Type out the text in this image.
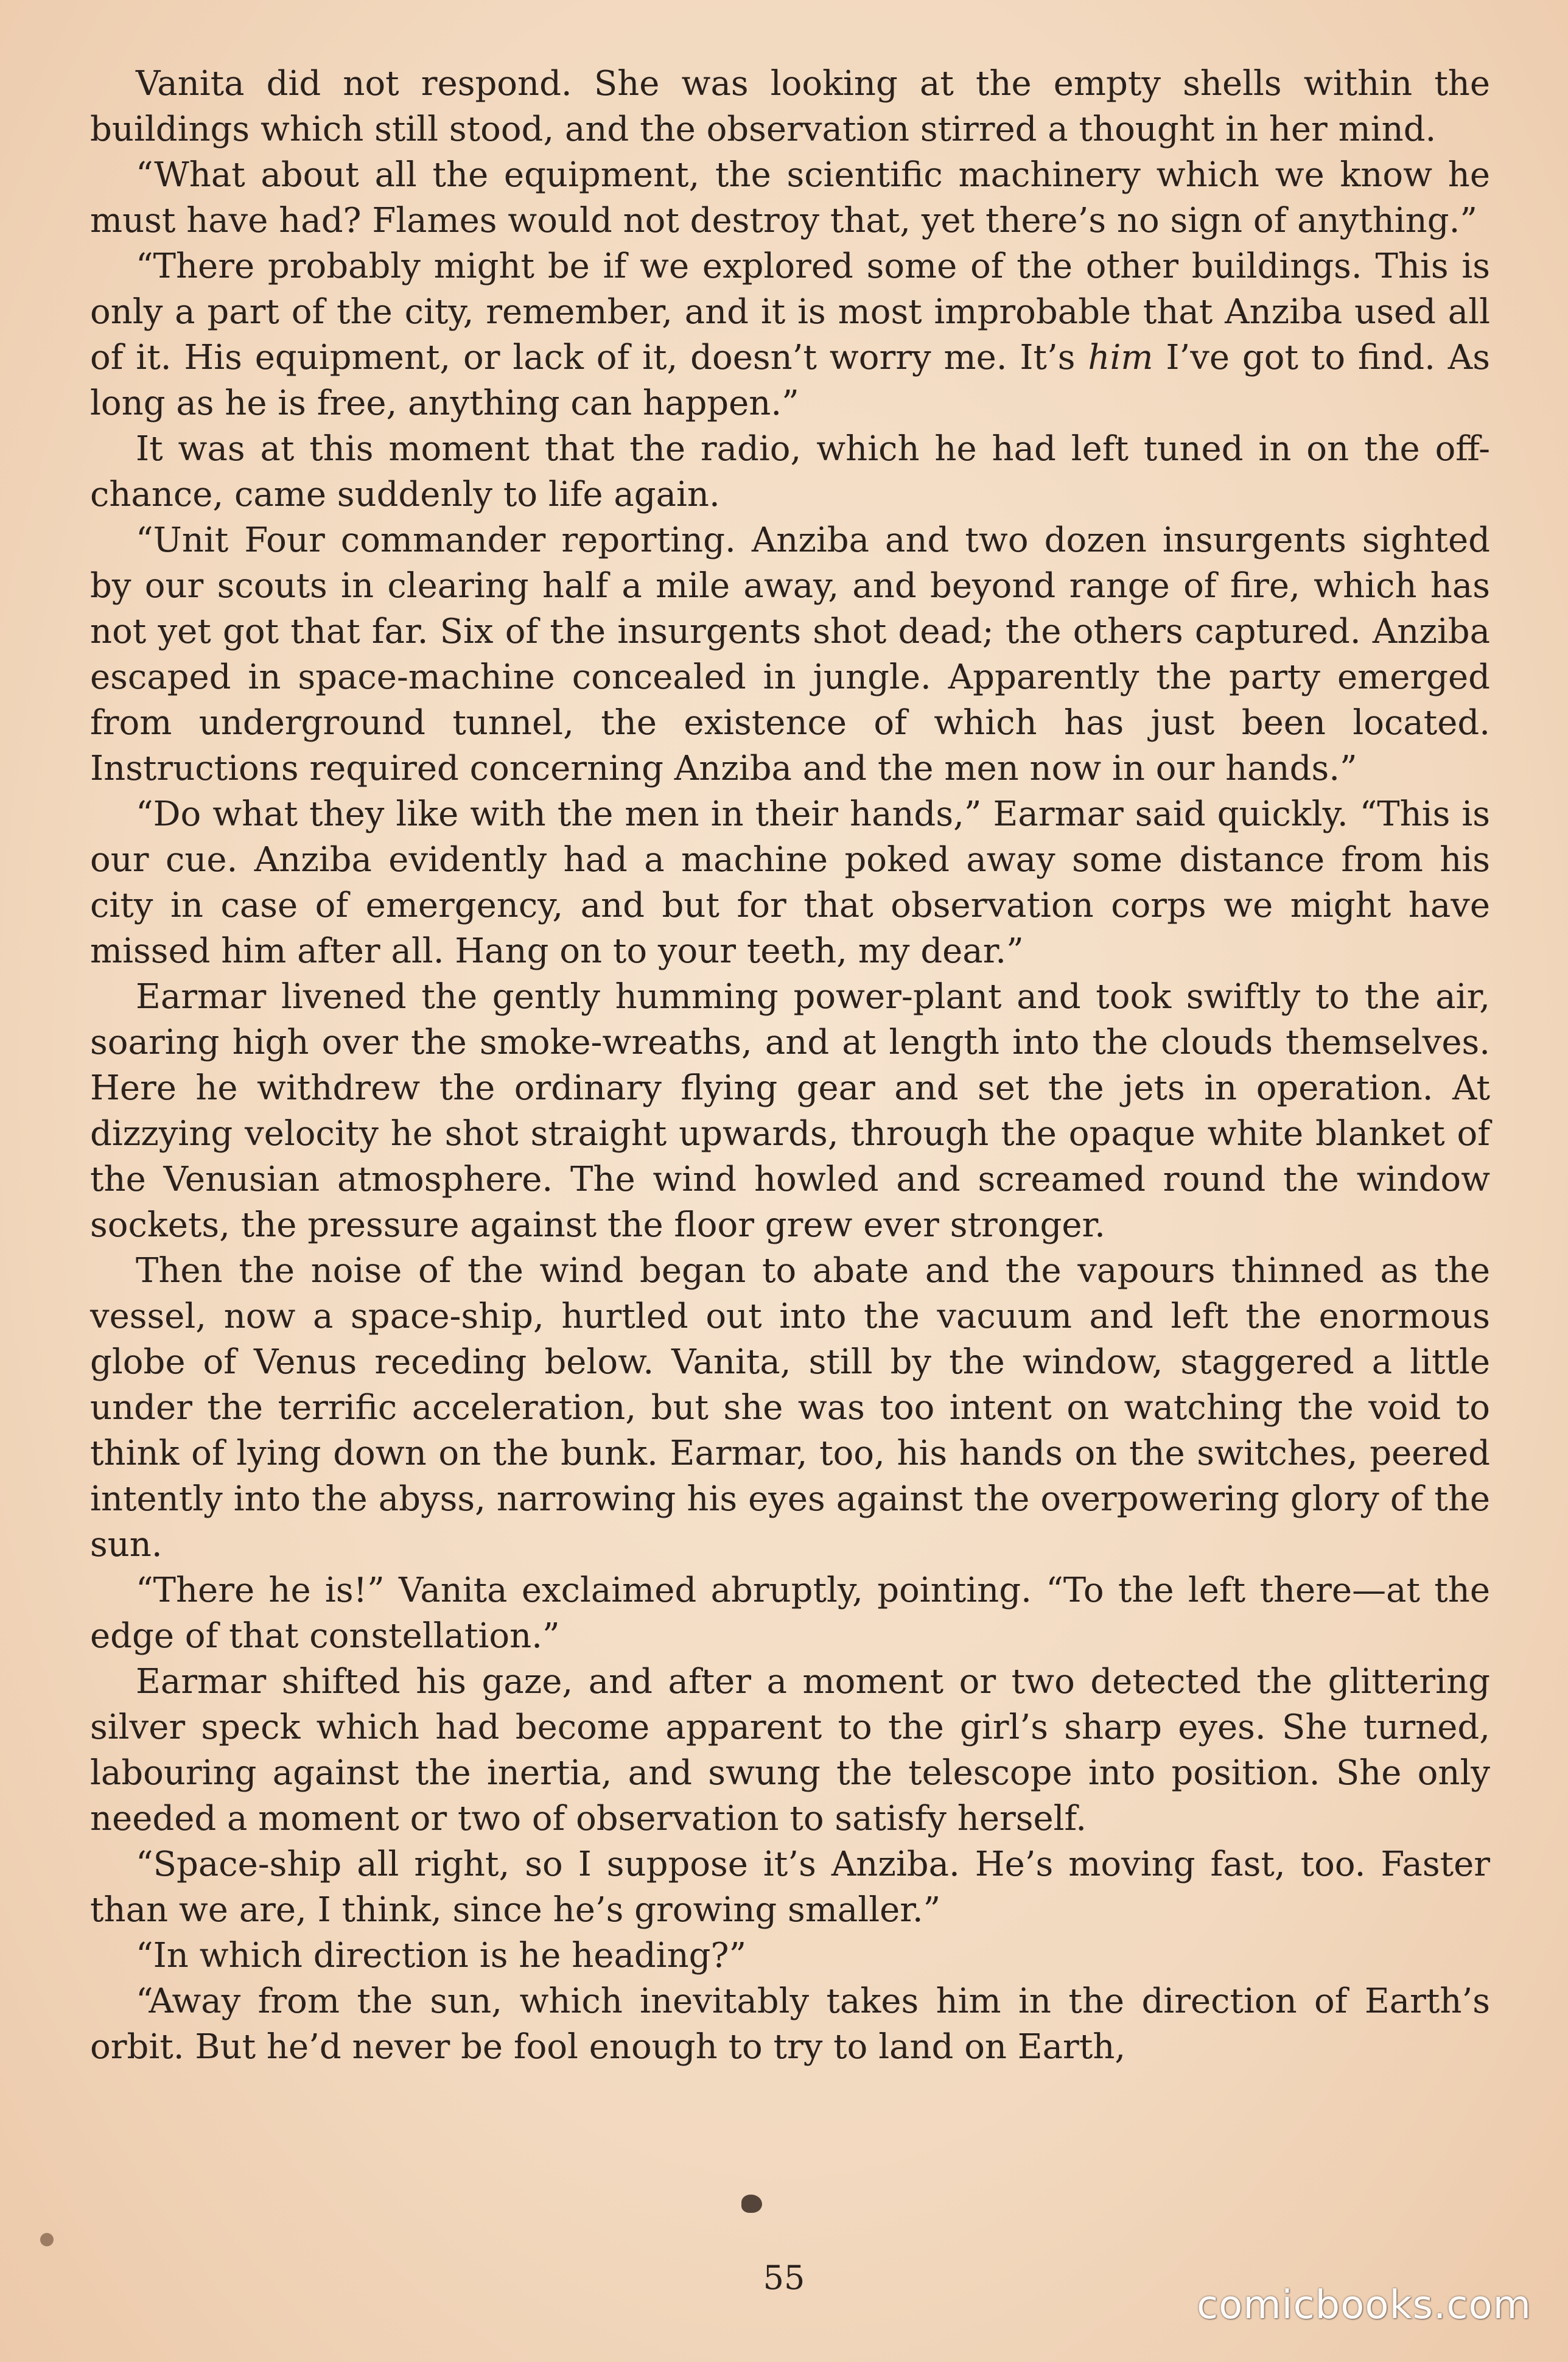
Vanita did not respond. She was looking at the empty shells within the buildings which still stood, and the observation stirred a thought in her mind.

“What about all the equipment, the scientific machinery which we know he must have had? Flames would not destroy that, yet there’s no sign of anything.”

“There probably might be if we explored some of the other buildings. This is only a part of the city, remember, and it is most improbable that Anziba used all of it. His equipment, or lack of it, doesn’t worry me. It’s him I’ve got to find. As long as he is free, anything can happen.”

It was at this moment that the radio, which he had left tuned in on the off-chance, came suddenly to life again.

“Unit Four commander reporting. Anziba and two dozen insurgents sighted by our scouts in clearing half a mile away, and beyond range of fire, which has not yet got that far. Six of the insurgents shot dead; the others captured. Anziba escaped in space-machine concealed in jungle. Apparently the party emerged from underground tunnel, the existence of which has just been located. Instructions required concerning Anziba and the men now in our hands.”

“Do what they like with the men in their hands,” Earmar said quickly. “This is our cue. Anziba evidently had a machine poked away some distance from his city in case of emergency, and but for that observation corps we might have missed him after all. Hang on to your teeth, my dear.”

Earmar livened the gently humming power-plant and took swiftly to the air, soaring high over the smoke-wreaths, and at length into the clouds themselves. Here he withdrew the ordinary flying gear and set the jets in operation. At dizzying velocity he shot straight upwards, through the opaque white blanket of the Venusian atmosphere. The wind howled and screamed round the window sockets, the pressure against the floor grew ever stronger.

Then the noise of the wind began to abate and the vapours thinned as the vessel, now a space-ship, hurtled out into the vacuum and left the enormous globe of Venus receding below. Vanita, still by the window, staggered a little under the terrific acceleration, but she was too intent on watching the void to think of lying down on the bunk. Earmar, too, his hands on the switches, peered intently into the abyss, narrowing his eyes against the overpowering glory of the sun.

“There he is!” Vanita exclaimed abruptly, pointing. “To the left there—at the edge of that constellation.”

Earmar shifted his gaze, and after a moment or two detected the glittering silver speck which had become apparent to the girl’s sharp eyes. She turned, labouring against the inertia, and swung the telescope into position. She only needed a moment or two of observation to satisfy herself.

“Space-ship all right, so I suppose it’s Anziba. He’s moving fast, too. Faster than we are, I think, since he’s growing smaller.”

“In which direction is he heading?”

“Away from the sun, which inevitably takes him in the direction of Earth’s orbit. But he’d never be fool enough to try to land on Earth,

55
comicbooks.com
